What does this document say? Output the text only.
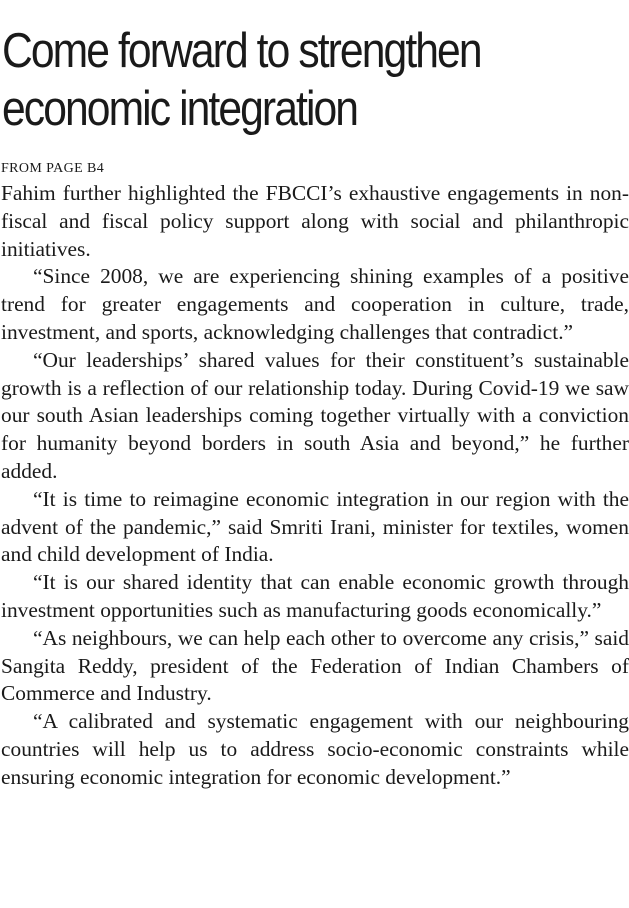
Come forward to strengthen
economic integration
FROM PAGE B4

Fahim further highlighted the FBCCI’s exhaustive engagements in non-fiscal and fiscal policy support along with social and philanthropic initiatives.

“Since 2008, we are experiencing shining examples of a positive trend for greater engagements and cooperation in culture, trade, investment, and sports, acknowledging challenges that contradict.”

“Our leaderships’ shared values for their constituent’s sustainable growth is a reflection of our relationship today. During Covid-19 we saw our south Asian leaderships coming together virtually with a conviction for humanity beyond borders in south Asia and beyond,” he further added.

“It is time to reimagine economic integration in our region with the advent of the pandemic,” said Smriti Irani, minister for textiles, women and child development of India.

“It is our shared identity that can enable economic growth through investment opportunities such as manufacturing goods economically.”

“As neighbours, we can help each other to overcome any crisis,” said Sangita Reddy, president of the Federation of Indian Chambers of Commerce and Industry.

“A calibrated and systematic engagement with our neighbouring countries will help us to address socio-economic constraints while ensuring economic integration for economic development.”
